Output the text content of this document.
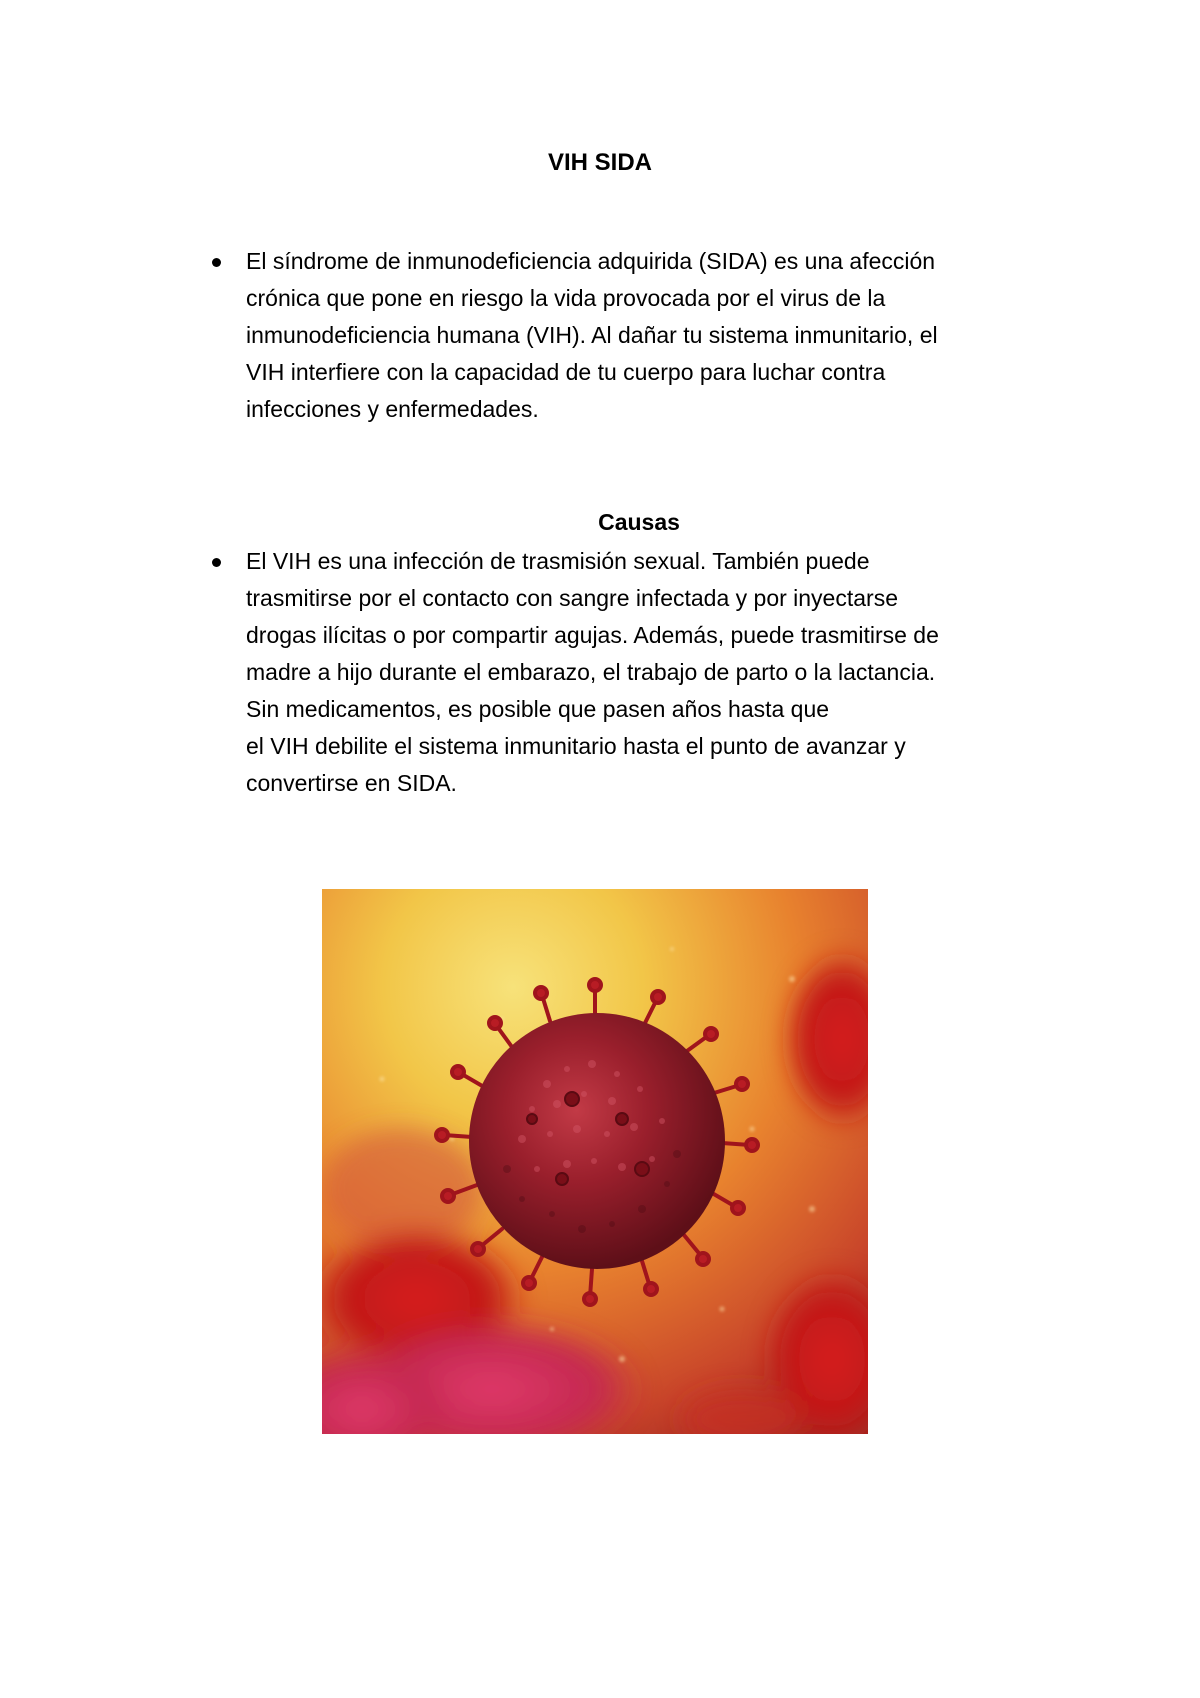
VIH SIDA
El síndrome de inmunodeficiencia adquirida (SIDA) es una afección
crónica que pone en riesgo la vida provocada por el virus de la
inmunodeficiencia humana (VIH). Al dañar tu sistema inmunitario, el
VIH interfiere con la capacidad de tu cuerpo para luchar contra
infecciones y enfermedades.
Causas
El VIH es una infección de trasmisión sexual. También puede
trasmitirse por el contacto con sangre infectada y por inyectarse
drogas ilícitas o por compartir agujas. Además, puede trasmitirse de
madre a hijo durante el embarazo, el trabajo de parto o la lactancia.
Sin medicamentos, es posible que pasen años hasta que
el VIH debilite el sistema inmunitario hasta el punto de avanzar y
convertirse en SIDA.
